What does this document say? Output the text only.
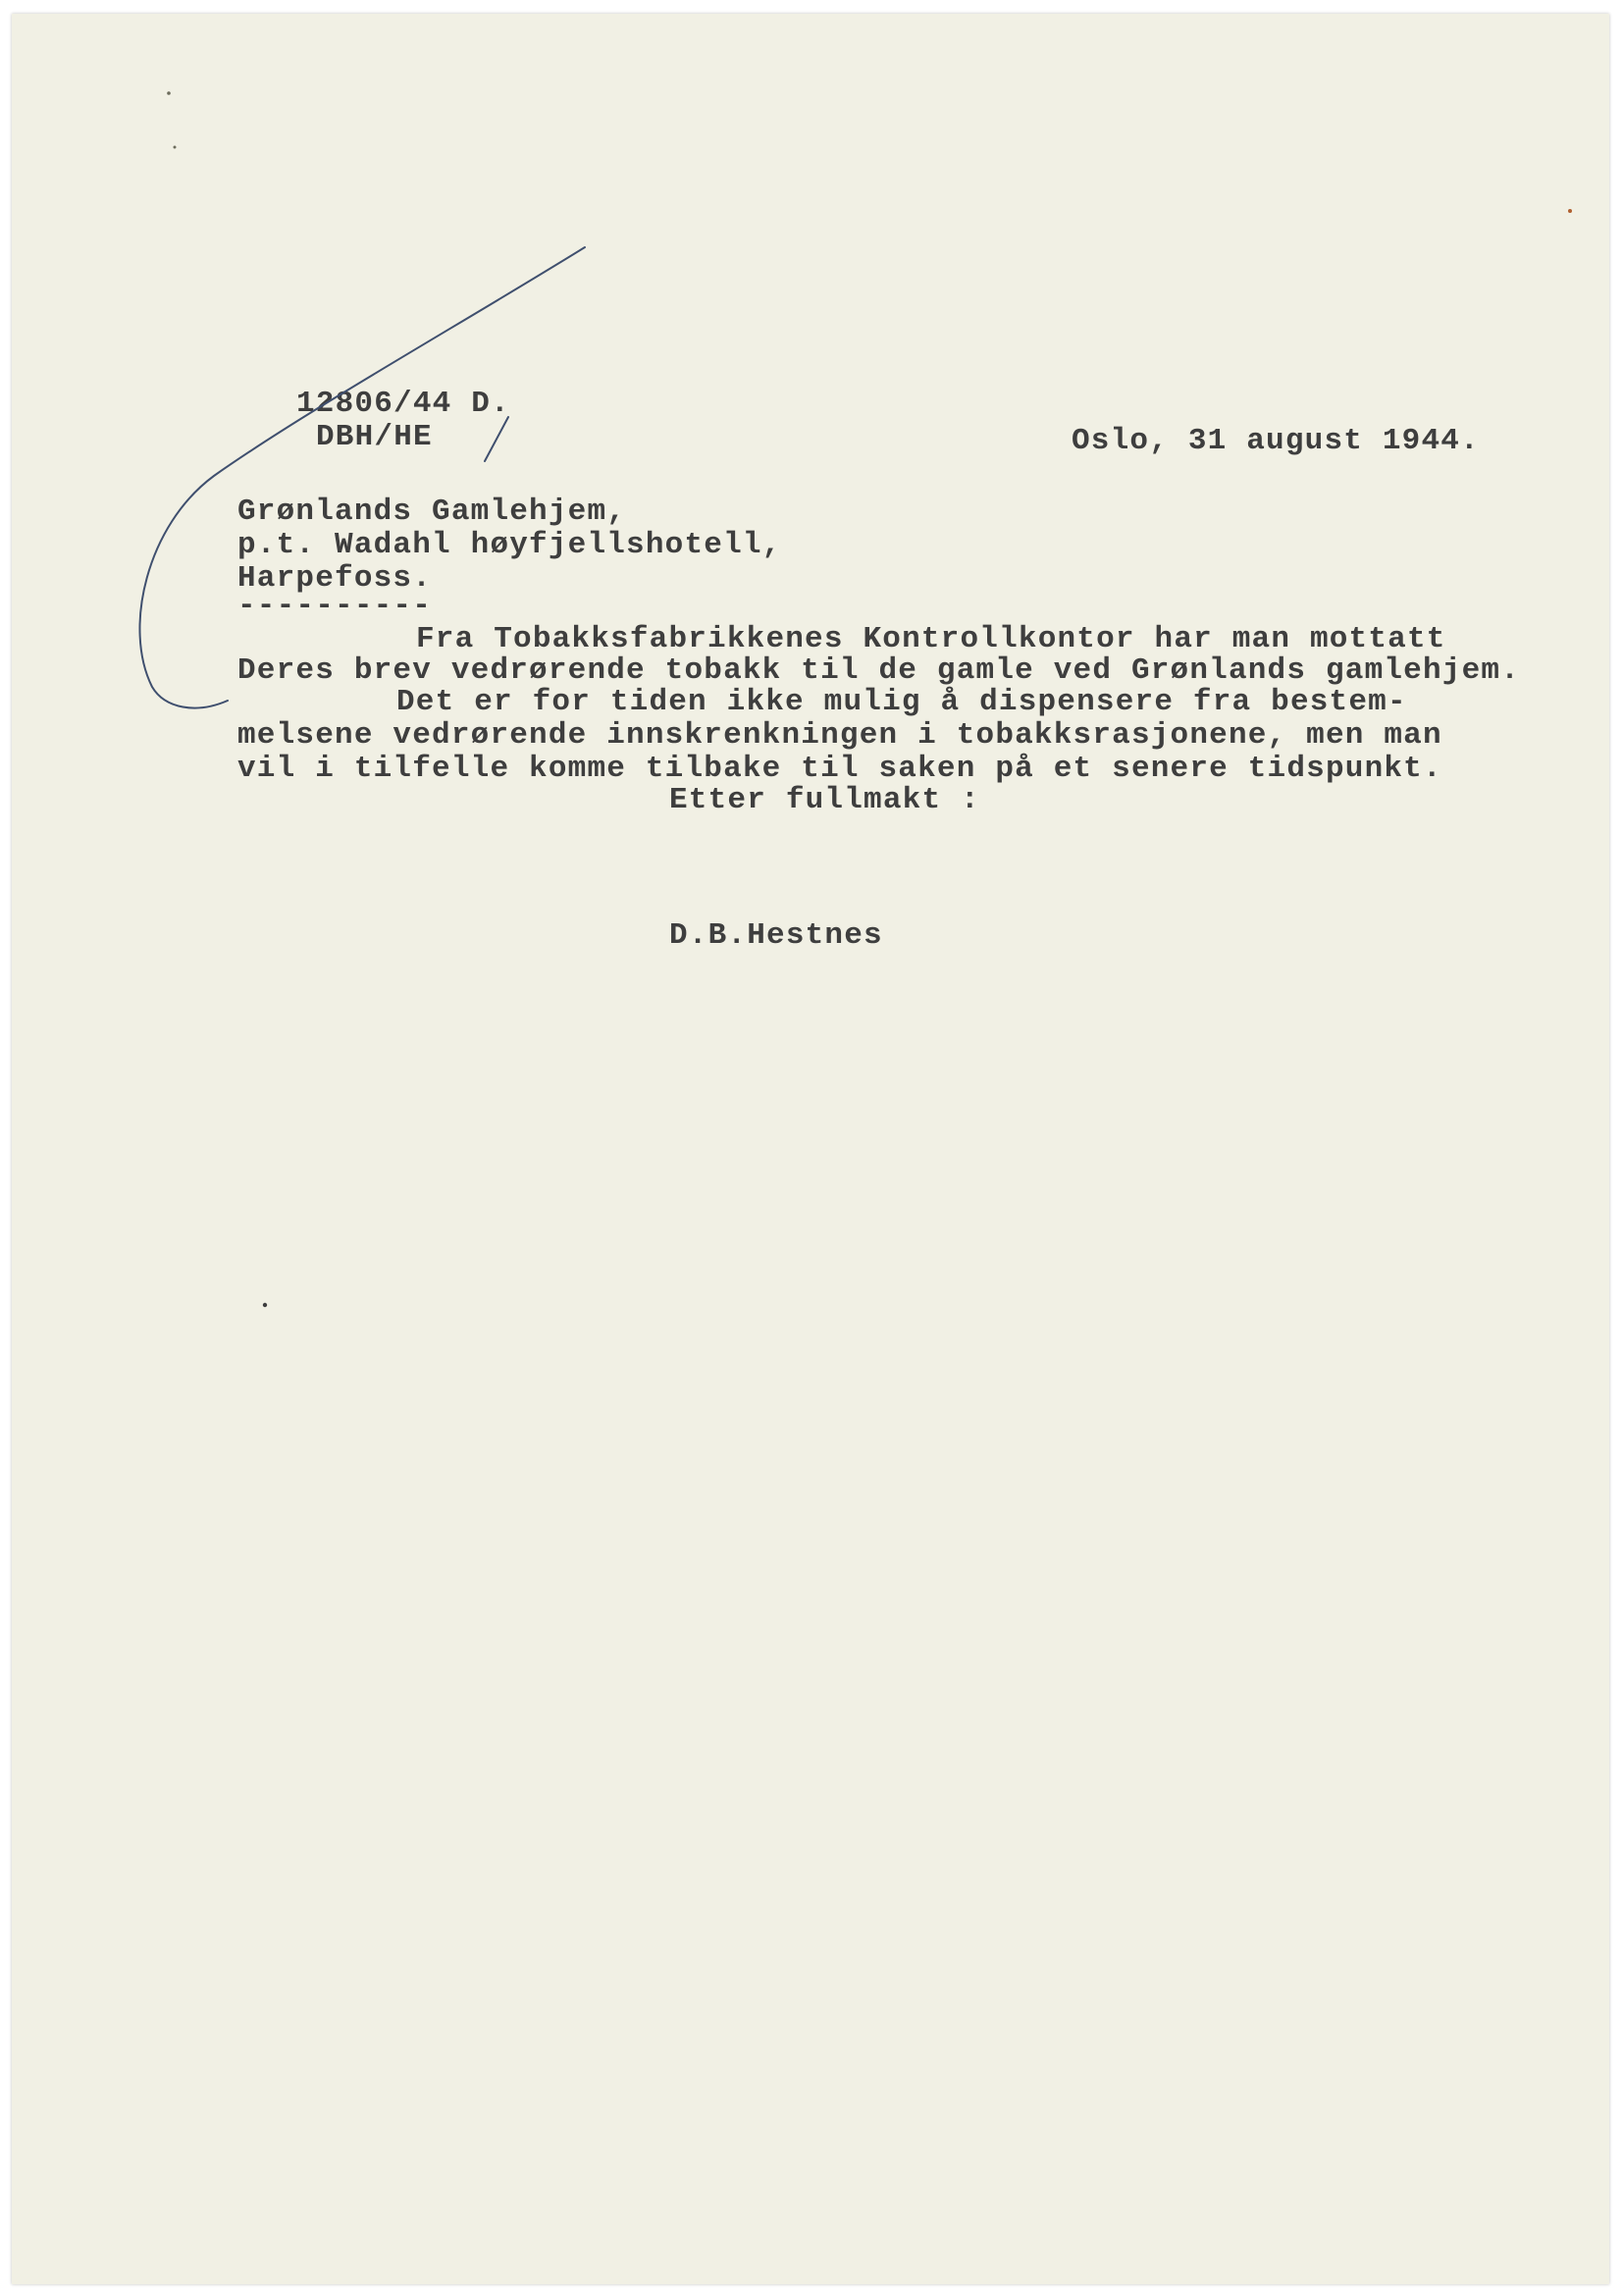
12806/44 D.
DBH/HE	Oslo, 31 august 1944.
Grønlands Gamlehjem,
p.t. Wadahl høyfjellshotell,
Harpefoss.
----------
Fra Tobakksfabrikkenes Kontrollkontor har man mottatt
Deres brev vedrørende tobakk til de gamle ved Grønlands gamlehjem.
Det er for tiden ikke mulig å dispensere fra bestem-
melsene vedrørende innskrenkningen i tobakksrasjonene, men man
vil i tilfelle komme tilbake til saken på et senere tidspunkt.
Etter fullmakt :
D.B.Hestnes
